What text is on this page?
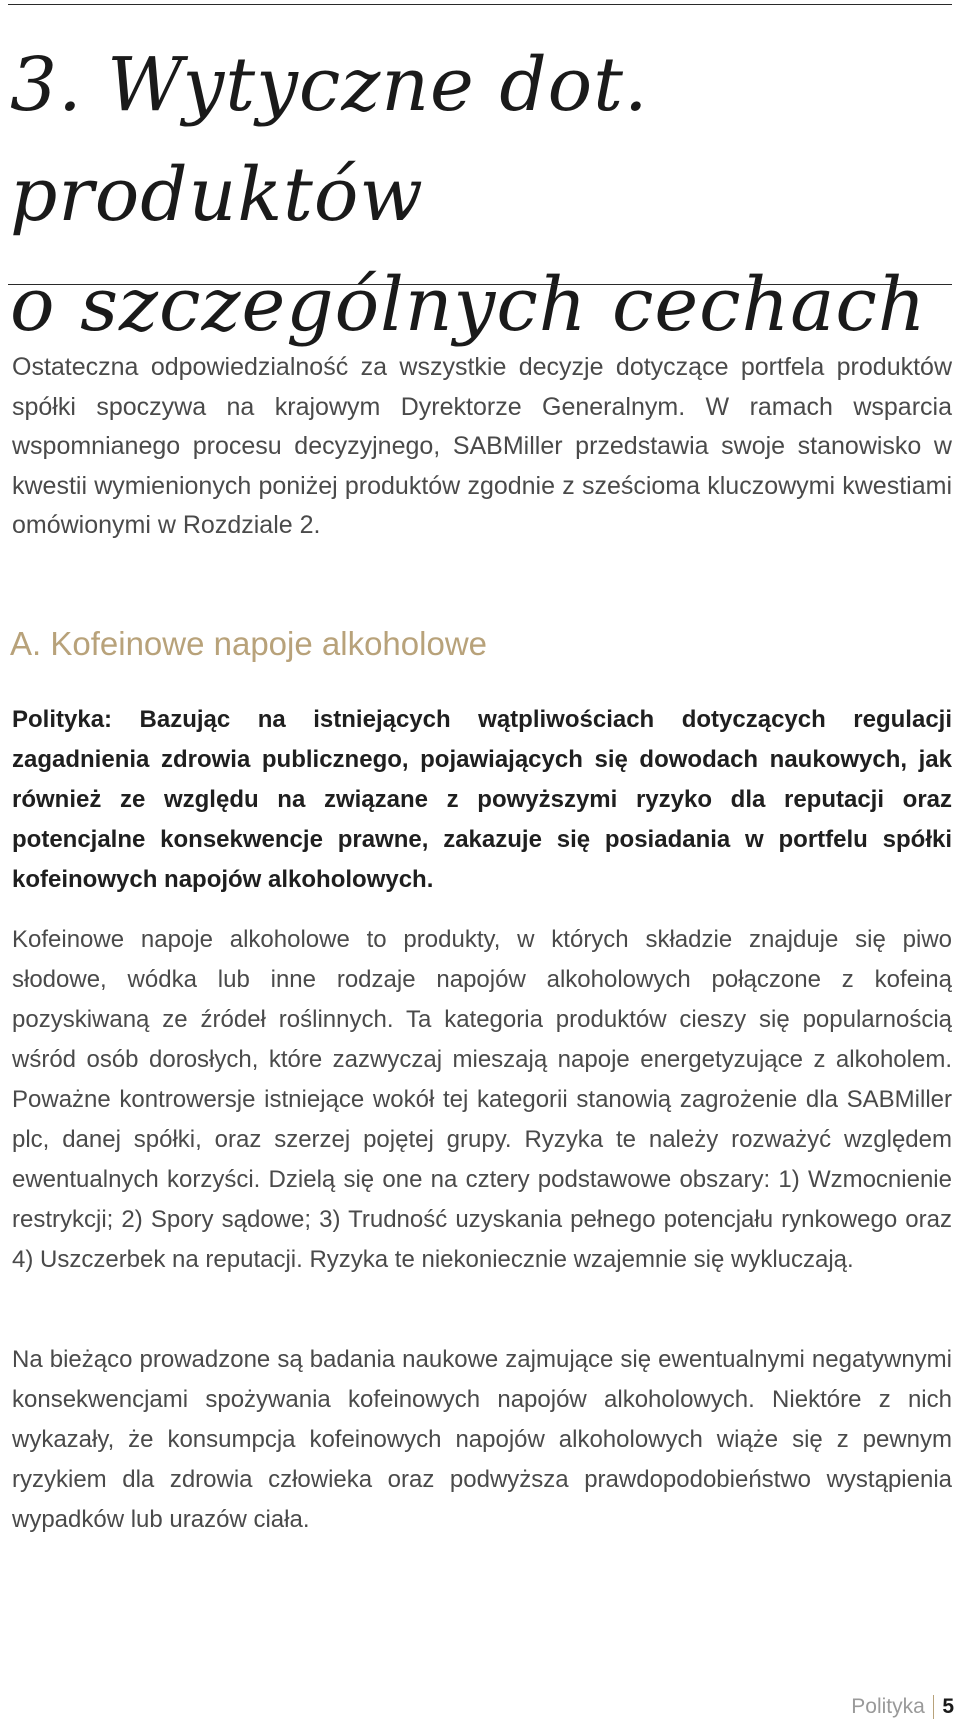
3. Wytyczne dot. produktów
o szczególnych cechach

Ostateczna odpowiedzialność za wszystkie decyzje dotyczące portfela produktów spółki spoczywa na krajowym Dyrektorze Generalnym. W ramach wsparcia wspomnianego procesu decyzyjnego, SABMiller przedstawia swoje stanowisko w kwestii wymienionych poniżej produktów zgodnie z sześcioma kluczowymi kwestiami omówionymi w Rozdziale 2.

A. Kofeinowe napoje alkoholowe

Polityka: Bazując na istniejących wątpliwościach dotyczących regulacji zagadnienia zdrowia publicznego, pojawiających się dowodach naukowych, jak również ze względu na związane z powyższymi ryzyko dla reputacji oraz potencjalne konsekwencje prawne, zakazuje się posiadania w portfelu spółki kofeinowych napojów alkoholowych.

Kofeinowe napoje alkoholowe to produkty, w których składzie znajduje się piwo słodowe, wódka lub inne rodzaje napojów alkoholowych połączone z kofeiną pozyskiwaną ze źródeł roślinnych. Ta kategoria produktów cieszy się popularnością wśród osób dorosłych, które zazwyczaj mieszają napoje energetyzujące z alkoholem. Poważne kontrowersje istniejące wokół tej kategorii stanowią zagrożenie dla SABMiller plc, danej spółki, oraz szerzej pojętej grupy. Ryzyka te należy rozważyć względem ewentualnych korzyści. Dzielą się one na cztery podstawowe obszary: 1) Wzmocnienie restrykcji; 2) Spory sądowe; 3) Trudność uzyskania pełnego potencjału rynkowego oraz 4) Uszczerbek na reputacji. Ryzyka te niekoniecznie wzajemnie się wykluczają.

Na bieżąco prowadzone są badania naukowe zajmujące się ewentualnymi negatywnymi konsekwencjami spożywania kofeinowych napojów alkoholowych. Niektóre z nich wykazały, że konsumpcja kofeinowych napojów alkoholowych wiąże się z pewnym ryzykiem dla zdrowia człowieka oraz podwyższa prawdopodobieństwo wystąpienia wypadków lub urazów ciała.

Polityka 5
